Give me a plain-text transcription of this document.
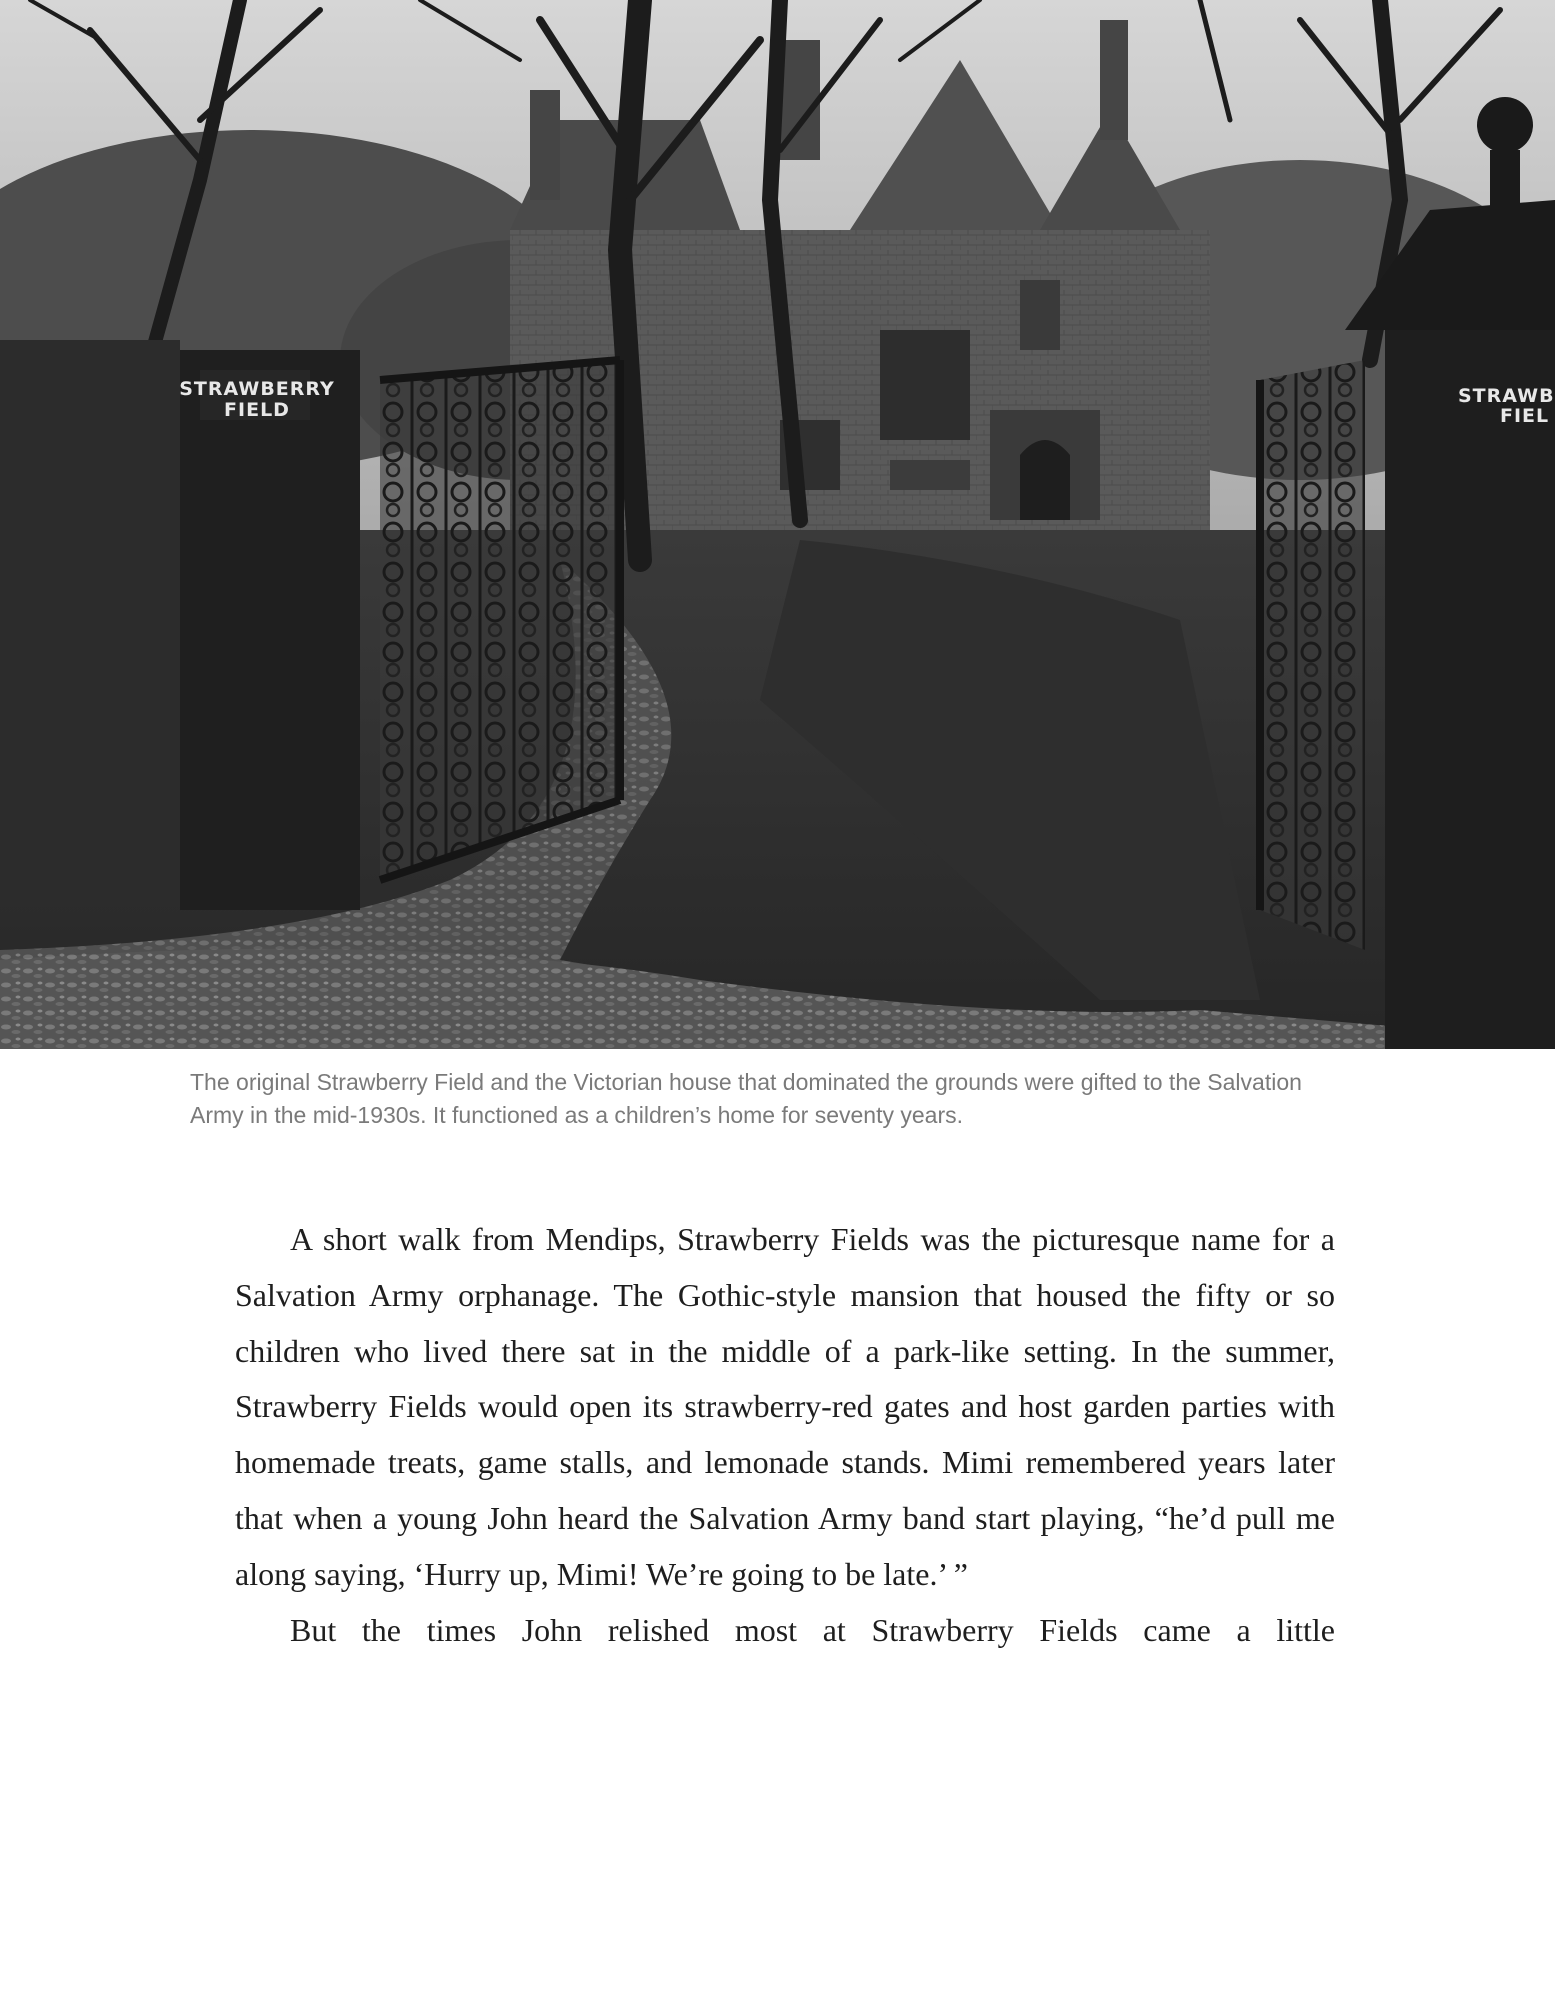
STRAWBERRY
FIELD
STRAWB
FIEL

The original Strawberry Field and the Victorian house that dominated the grounds were gifted to the Salvation Army in the mid-1930s. It functioned as a children’s home for seventy years.

A short walk from Mendips, Strawberry Fields was the picturesque name for a Salvation Army orphanage. The Gothic-style mansion that housed the fifty or so children who lived there sat in the middle of a park-like setting. In the summer, Strawberry Fields would open its strawberry-red gates and host garden parties with homemade treats, game stalls, and lemonade stands. Mimi remembered years later that when a young John heard the Salvation Army band start playing, “he’d pull me along saying, ‘Hurry up, Mimi! We’re going to be late.’ ”

But the times John relished most at Strawberry Fields came a little
